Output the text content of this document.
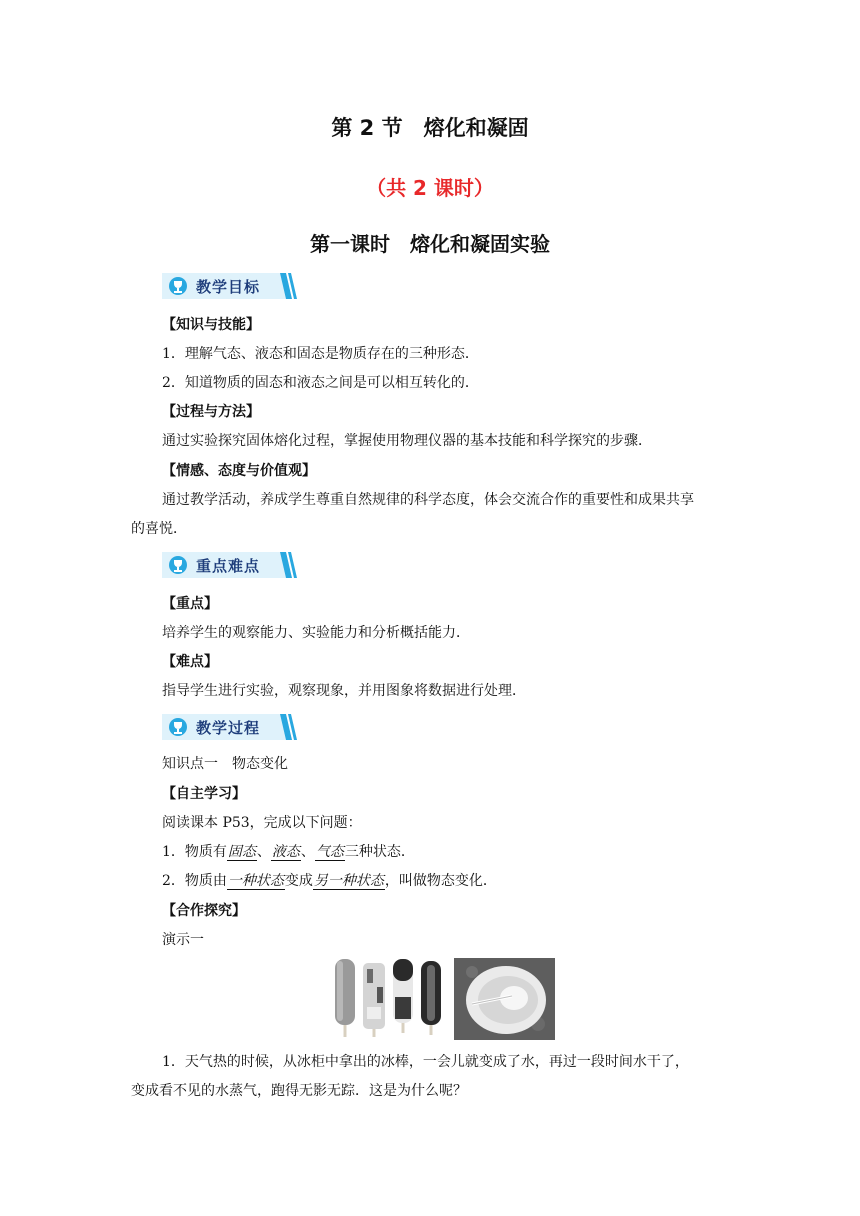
第 2 节　熔化和凝固
（共 2 课时）
第一课时　熔化和凝固实验
教学目标
【知识与技能】
1．理解气态、液态和固态是物质存在的三种形态．
2．知道物质的固态和液态之间是可以相互转化的．
【过程与方法】
通过实验探究固体熔化过程，掌握使用物理仪器的基本技能和科学探究的步骤．
【情感、态度与价值观】
通过教学活动，养成学生尊重自然规律的科学态度，体会交流合作的重要性和成果共享
的喜悦．
重点难点
【重点】
培养学生的观察能力、实验能力和分析概括能力．
【难点】
指导学生进行实验，观察现象，并用图象将数据进行处理．
教学过程
知识点一　物态变化
【自主学习】
阅读课本 P53，完成以下问题：
1．物质有固态、液态、气态三种状态．
2．物质由一种状态变成另一种状态，叫做物态变化．
【合作探究】
演示一
1．天气热的时候，从冰柜中拿出的冰棒，一会儿就变成了水，再过一段时间水干了，
变成看不见的水蒸气，跑得无影无踪．这是为什么呢？
